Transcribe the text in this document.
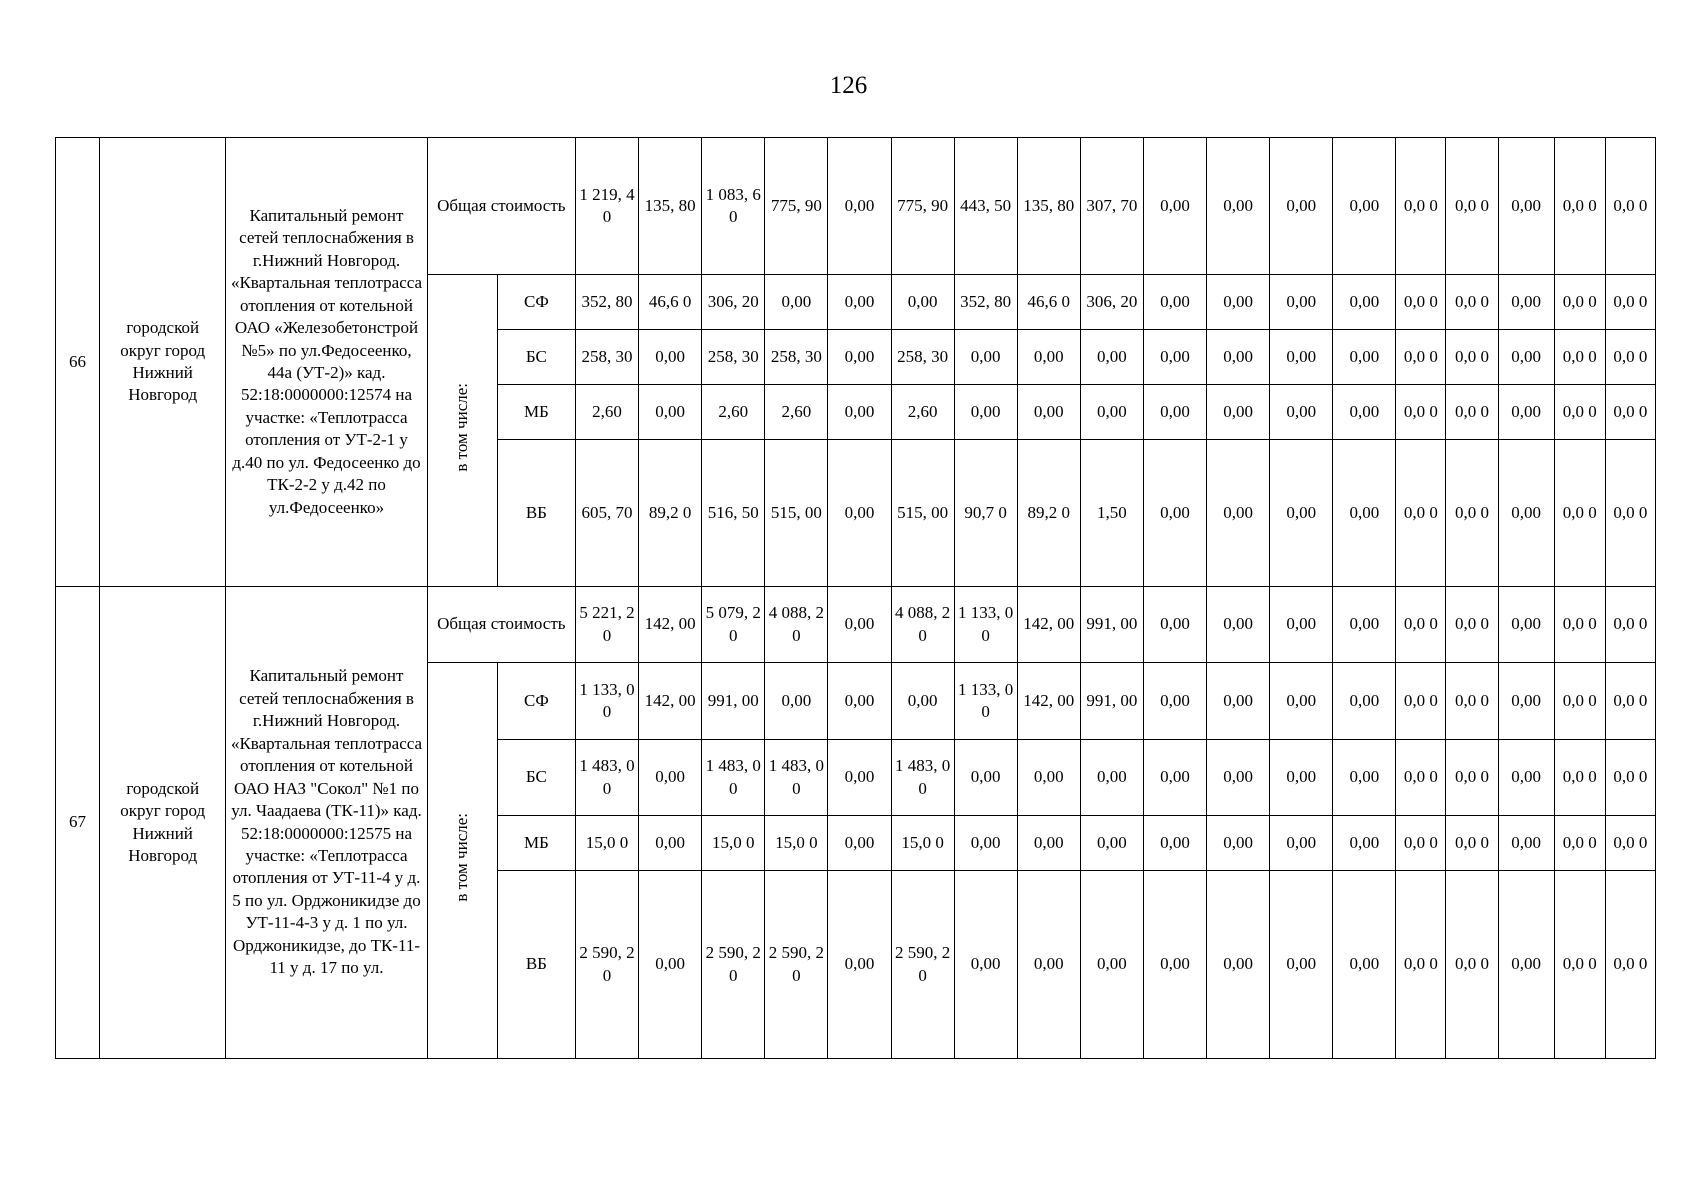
126
66	городской округ город Нижний Новгород	Капитальный ремонт сетей теплоснабжения в г.Нижний Новгород. «Квартальная теплотрасса отопления от котельной ОАО «Железобетонстрой №5» по ул.Федосеенко, 44а (УТ-2)» кад. 52:18:0000000:12574 на участке: «Теплотрасса отопления от УТ-2-1 у д.40 по ул. Федосеенко до ТК-2-2 у д.42 по ул.Федосеенко»	Общая стоимость		1 219, 40	135, 80	1 083, 60	775, 90	0,00	775, 90	443, 50	135, 80	307, 70	0,00	0,00	0,00	0,00	0,0 0	0,0 0	0,00	0,0 0	0,0 0
			в том числе:	СФ	352, 80	46,6 0	306, 20	0,00	0,00	0,00	352, 80	46,6 0	306, 20	0,00	0,00	0,00	0,00	0,0 0	0,0 0	0,00	0,0 0	0,0 0
				БС	258, 30	0,00	258, 30	258, 30	0,00	258, 30	0,00	0,00	0,00	0,00	0,00	0,00	0,00	0,0 0	0,0 0	0,00	0,0 0	0,0 0
				МБ	2,60	0,00	2,60	2,60	0,00	2,60	0,00	0,00	0,00	0,00	0,00	0,00	0,00	0,0 0	0,0 0	0,00	0,0 0	0,0 0
				ВБ	605, 70	89,2 0	516, 50	515, 00	0,00	515, 00	90,7 0	89,2 0	1,50	0,00	0,00	0,00	0,00	0,0 0	0,0 0	0,00	0,0 0	0,0 0
67	городской округ город Нижний Новгород	Капитальный ремонт сетей теплоснабжения в г.Нижний Новгород. «Квартальная теплотрасса отопления от котельной ОАО НАЗ "Сокол" №1 по ул. Чаадаева (ТК-11)» кад. 52:18:0000000:12575 на участке: «Теплотрасса отопления от УТ-11-4 у д. 5 по ул. Орджоникидзе до УТ-11-4-3 у д. 1 по ул. Орджоникидзе, до ТК-11-11 у д. 17 по ул.	Общая стоимость		5 221, 20	142, 00	5 079, 20	4 088, 20	0,00	4 088, 20	1 133, 00	142, 00	991, 00	0,00	0,00	0,00	0,00	0,0 0	0,0 0	0,00	0,0 0	0,0 0
			в том числе:	СФ	1 133, 00	142, 00	991, 00	0,00	0,00	0,00	1 133, 00	142, 00	991, 00	0,00	0,00	0,00	0,00	0,0 0	0,0 0	0,00	0,0 0	0,0 0
				БС	1 483, 00	0,00	1 483, 00	1 483, 00	0,00	1 483, 00	0,00	0,00	0,00	0,00	0,00	0,00	0,00	0,0 0	0,0 0	0,00	0,0 0	0,0 0
				МБ	15,0 0	0,00	15,0 0	15,0 0	0,00	15,0 0	0,00	0,00	0,00	0,00	0,00	0,00	0,00	0,0 0	0,0 0	0,00	0,0 0	0,0 0
				ВБ	2 590, 20	0,00	2 590, 20	2 590, 20	0,00	2 590, 20	0,00	0,00	0,00	0,00	0,00	0,00	0,00	0,0 0	0,0 0	0,00	0,0 0	0,0 0
